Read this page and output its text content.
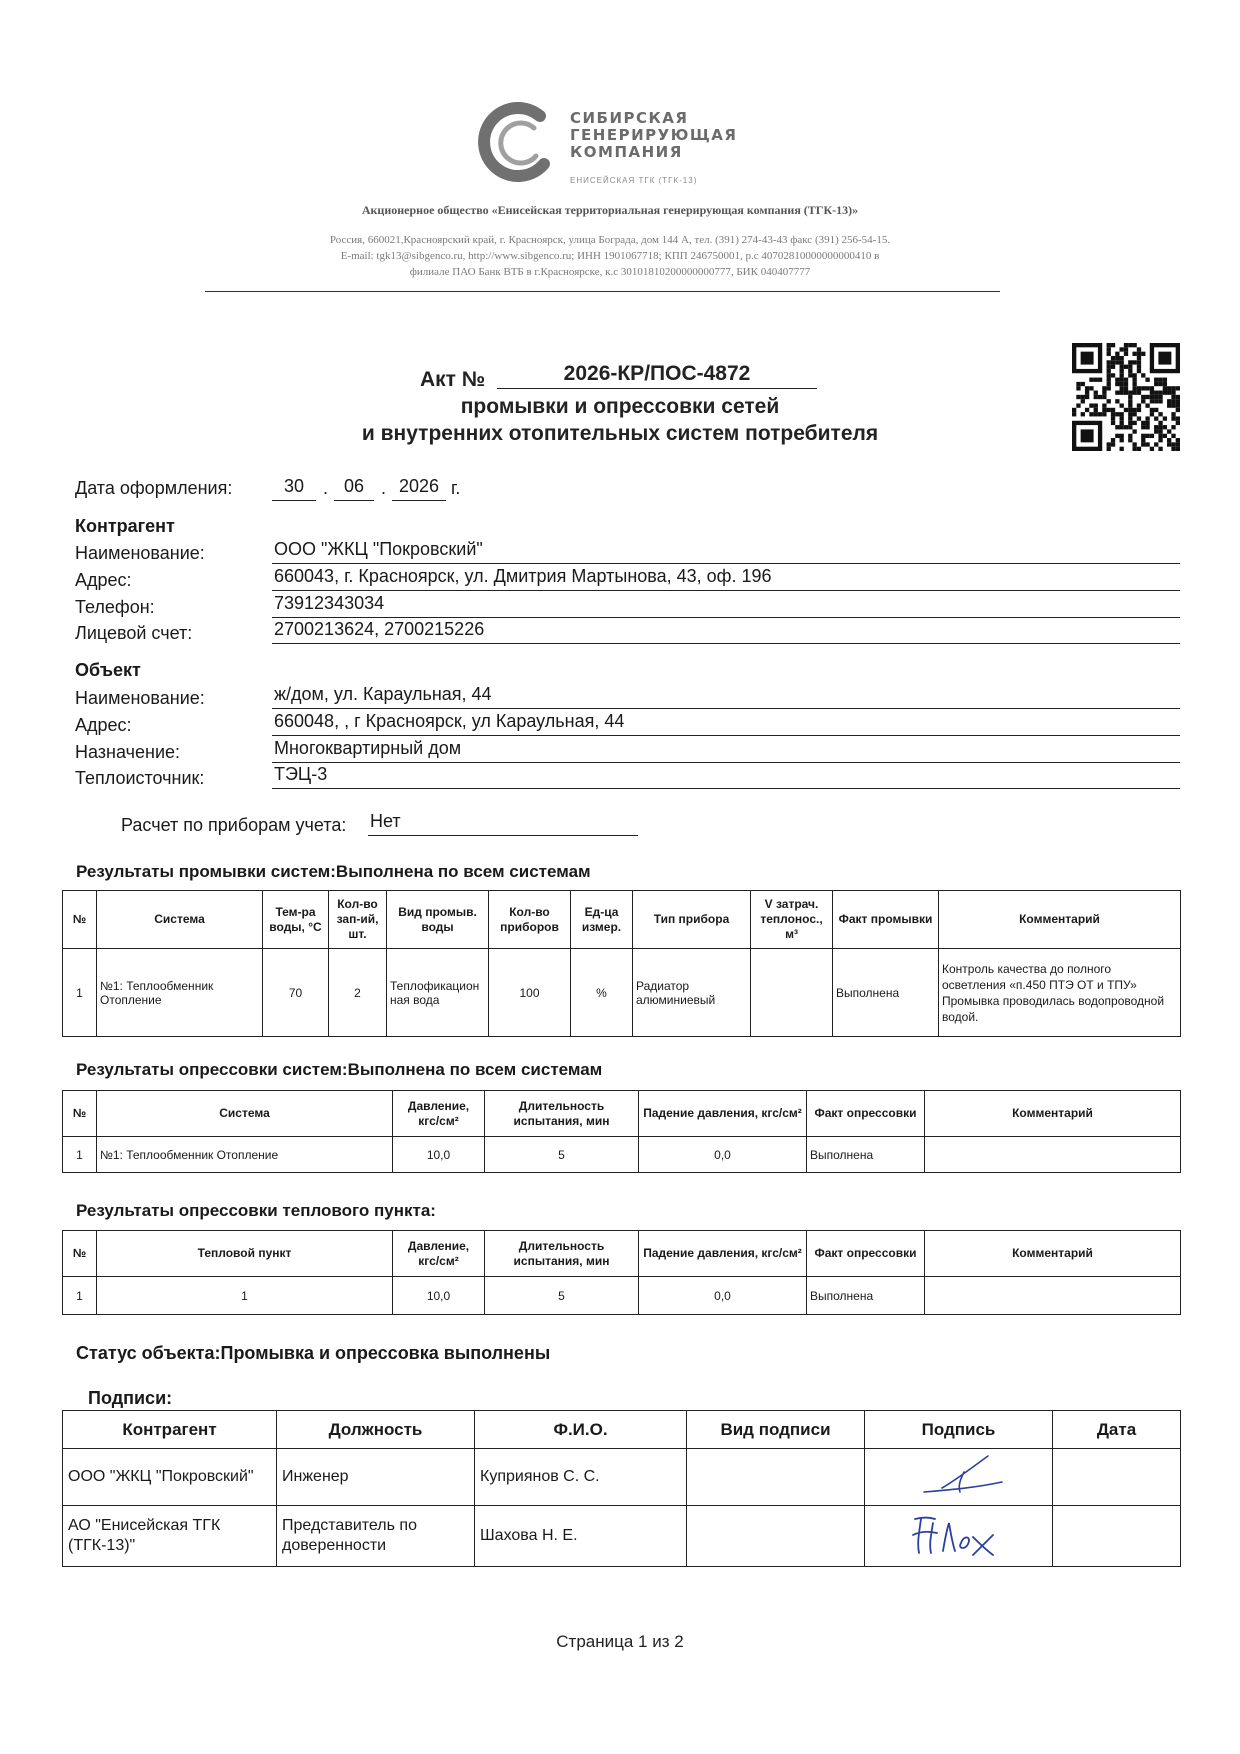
СИБИРСКАЯ
ГЕНЕРИРУЮЩАЯ
КОМПАНИЯ
ЕНИСЕЙСКАЯ ТГК (ТГК-13)
Акционерное общество «Енисейская территориальная генерирующая компания (ТГК-13)»
Россия, 660021,Красноярский край, г. Красноярск, улица Бограда, дом 144 А, тел. (391) 274-43-43 факс (391) 256-54-15.
E-mail: tgk13@sibgenco.ru, http://www.sibgenco.ru; ИНН 1901067718; КПП 246750001, р.с 40702810000000000410 в
филиале ПАО Банк ВТБ в г.Красноярске, к.с 30101810200000000777, БИК 040407777
Акт №	2026-КР/ПОС-4872
промывки и опрессовки сетей
и внутренних отопительных систем потребителя
Дата оформления:	30	. 06 . 2026 г.
Контрагент
Наименование:	ООО "ЖКЦ "Покровский"
Адрес:	660043, г. Красноярск, ул. Дмитрия Мартынова, 43, оф. 196
Телефон:	73912343034
Лицевой счет:	2700213624, 2700215226
Объект
Наименование:	ж/дом, ул. Караульная, 44
Адрес:	660048, , г Красноярск, ул Караульная, 44
Назначение:	Многоквартирный дом
Теплоисточник:	ТЭЦ-3
Расчет по приборам учета: Нет
Результаты промывки систем:Выполнена по всем системам
№	Система	Тем-ра воды, °С	Кол-во зап-ий, шт.	Вид промыв. воды	Кол-во приборов	Ед-ца измер.	Тип прибора	V затрач. теплонос., м³	Факт промывки	Комментарий
1	№1: Теплообменник Отопление	70	2	Теплофикационная вода	100	%	Радиатор алюминиевый		Выполнена	Контроль качества до полного осветления «п.450 ПТЭ ОТ и ТПУ» Промывка проводилась водопроводной водой.
Результаты опрессовки систем:Выполнена по всем системам
№	Система	Давление, кгс/см²	Длительность испытания, мин	Падение давления, кгс/см²	Факт опрессовки	Комментарий
1	№1: Теплообменник Отопление	10,0	5	0,0	Выполнена	
Результаты опрессовки теплового пункта:
№	Тепловой пункт	Давление, кгс/см²	Длительность испытания, мин	Падение давления, кгс/см²	Факт опрессовки	Комментарий
1	1	10,0	5	0,0	Выполнена	
Статус объекта:Промывка и опрессовка выполнены
Подписи:
Контрагент	Должность	Ф.И.О.	Вид подписи	Подпись	Дата
ООО "ЖКЦ "Покровский"	Инженер	Куприянов С. С.			
АО "Енисейская ТГК (ТГК-13)"	Представитель по доверенности	Шахова Н. Е.			
Страница 1 из 2
